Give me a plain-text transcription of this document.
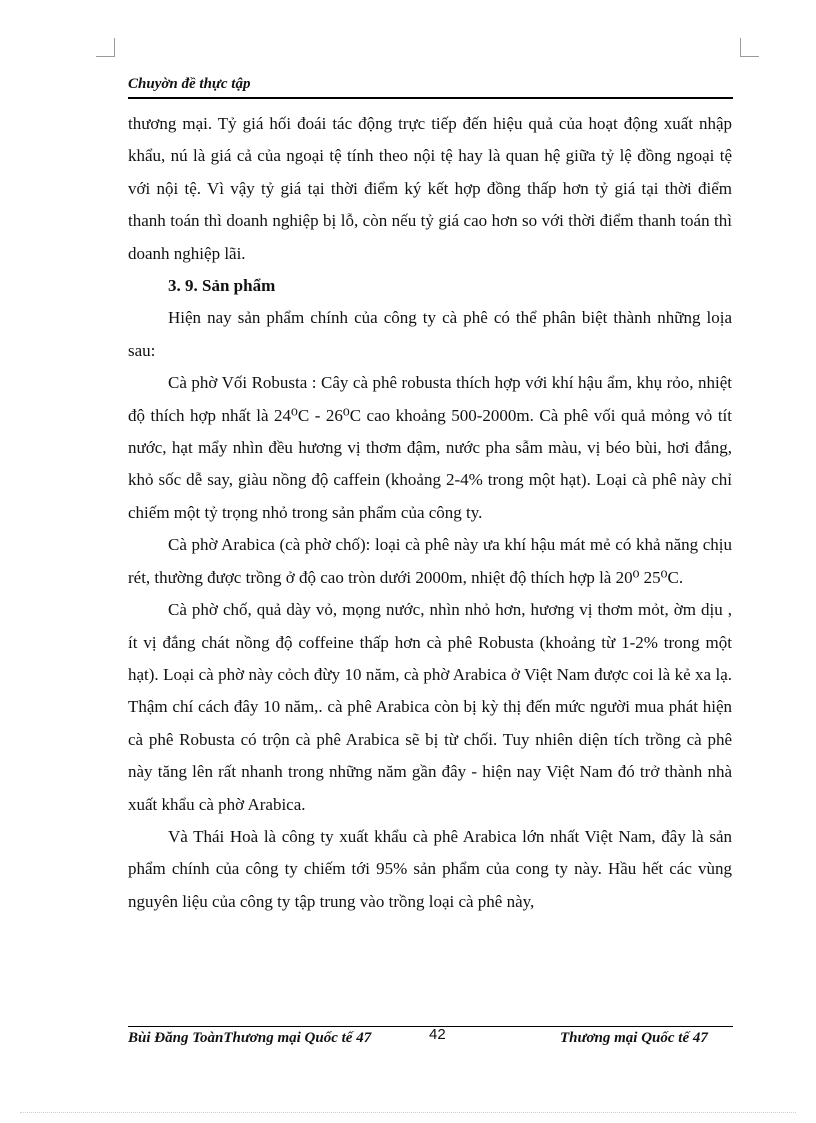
Chuyờn đề thực tập

thương mại. Tỷ giá hối đoái tác động trực tiếp đến hiệu quả của hoạt động xuất nhập khẩu, nú là giá cả của ngoại tệ tính theo nội tệ hay là quan hệ giữa tỷ lệ đồng ngoại tệ với nội tệ. Vì vậy tỷ giá tại thời điểm ký kết hợp đồng thấp hơn tỷ giá tại thời điểm thanh toán thì doanh nghiệp bị lỗ, còn nếu tỷ giá cao hơn so với thời điểm thanh toán thì doanh nghiệp lãi.

3. 9. Sản phẩm

Hiện nay sản phẩm chính của công ty cà phê có thể phân biệt thành những loịa sau:

Cà phờ Vối Robusta : Cây cà phê robusta thích hợp với khí hậu ẩm, khụ rỏo, nhiệt độ thích hợp nhất là 24⁰C - 26⁰C cao khoảng 500-2000m. Cà phê vối quả mỏng vỏ tít nước, hạt mẩy nhìn đều hương vị thơm đậm, nước pha sẫm màu, vị béo bùi, hơi đắng, khỏ sốc dễ say, giàu nồng độ caffein (khoảng 2-4% trong một hạt). Loại cà phê này chỉ chiếm một tỷ trọng nhỏ trong sản phẩm của công ty.

Cà phờ Arabica (cà phờ chố): loại cà phê này ưa khí hậu mát mẻ có khả năng chịu rét, thường được trồng ở độ cao tròn dưới 2000m, nhiệt độ thích hợp là 20⁰ 25⁰C.

Cà phờ chố, quả dày vỏ, mọng nước, nhìn nhỏ hơn, hương vị thơm mỏt, ờm dịu , ít vị đắng chát nồng độ coffeine thấp hơn cà phê Robusta (khoảng từ 1-2% trong một hạt). Loại cà phờ này cỏch đừy 10 năm, cà phờ Arabica ở Việt Nam được coi là kẻ xa lạ. Thậm chí cách đây 10 năm,. cà phê Arabica còn bị kỳ thị đến mức người mua phát hiện cà phê Robusta có trộn cà phê Arabica sẽ bị từ chối. Tuy nhiên diện tích trồng cà phê này tăng lên rất nhanh trong những năm gần đây - hiện nay Việt Nam đó trở thành nhà xuất khẩu cà phờ Arabica.

Và Thái Hoà là công ty xuất khẩu cà phê Arabica lớn nhất Việt Nam, đây là sản phẩm chính của công ty chiếm tới 95% sản phẩm của cong ty này. Hầu hết các vùng nguyên liệu của công ty tập trung vào trồng loại cà phê này,

Bùi Đăng ToànThương mại Quốc tế 47	42	Thương mại Quốc tế 47
